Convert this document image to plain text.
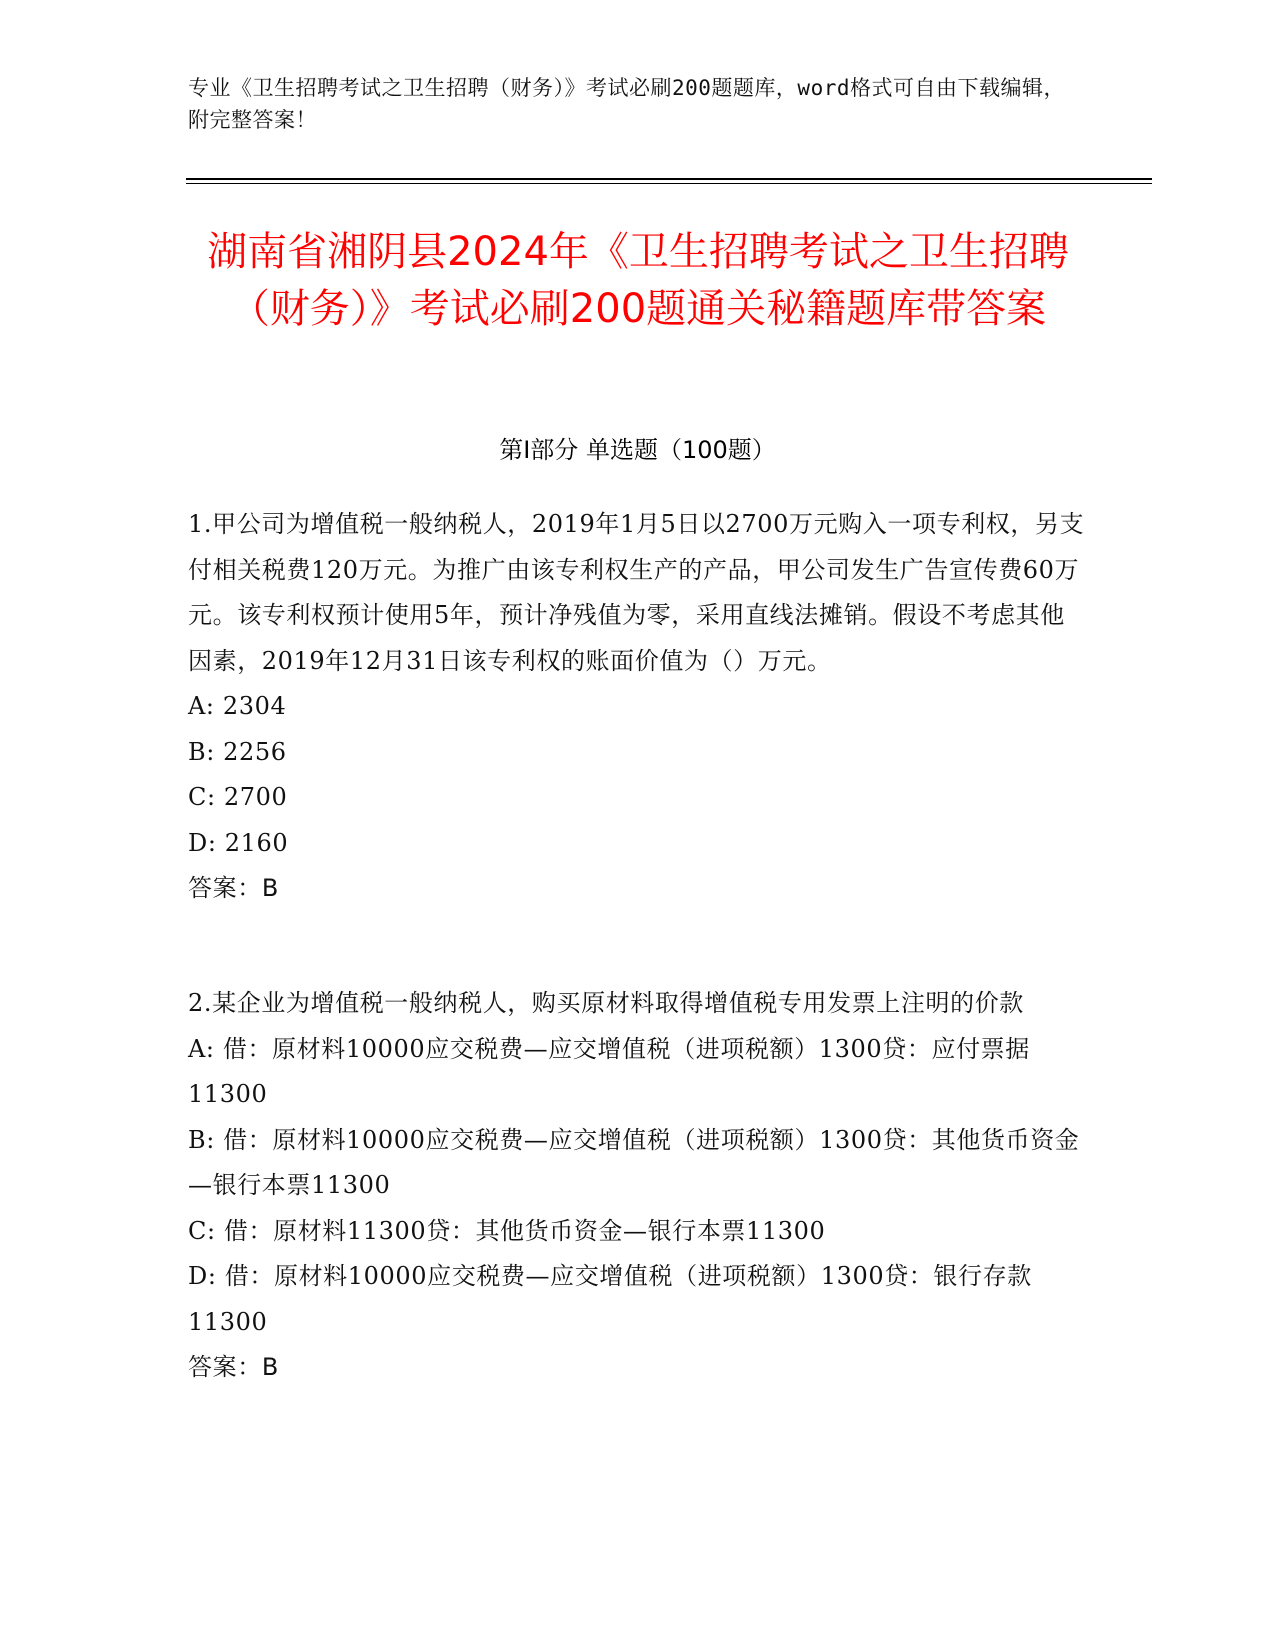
专业《卫生招聘考试之卫生招聘（财务）》考试必刷200题题库，word格式可自由下载编辑，附完整答案！
湖南省湘阴县2024年《卫生招聘考试之卫生招聘（财务）》考试必刷200题通关秘籍题库带答案
第I部分 单选题（100题）

1.甲公司为增值税一般纳税人，2019年1月5日以2700万元购入一项专利权，另支付相关税费120万元。为推广由该专利权生产的产品，甲公司发生广告宣传费60万元。该专利权预计使用5年，预计净残值为零，采用直线法摊销。假设不考虑其他因素，2019年12月31日该专利权的账面价值为（）万元。

A: 2304

B: 2256

C: 2700

D: 2160

答案：B

2.某企业为增值税一般纳税人，购买原材料取得增值税专用发票上注明的价款

A: 借：原材料10000应交税费—应交增值税（进项税额）1300贷：应付票据11300

B: 借：原材料10000应交税费—应交增值税（进项税额）1300贷：其他货币资金—银行本票11300

C: 借：原材料11300贷：其他货币资金—银行本票11300

D: 借：原材料10000应交税费—应交增值税（进项税额）1300贷：银行存款11300

答案：B
